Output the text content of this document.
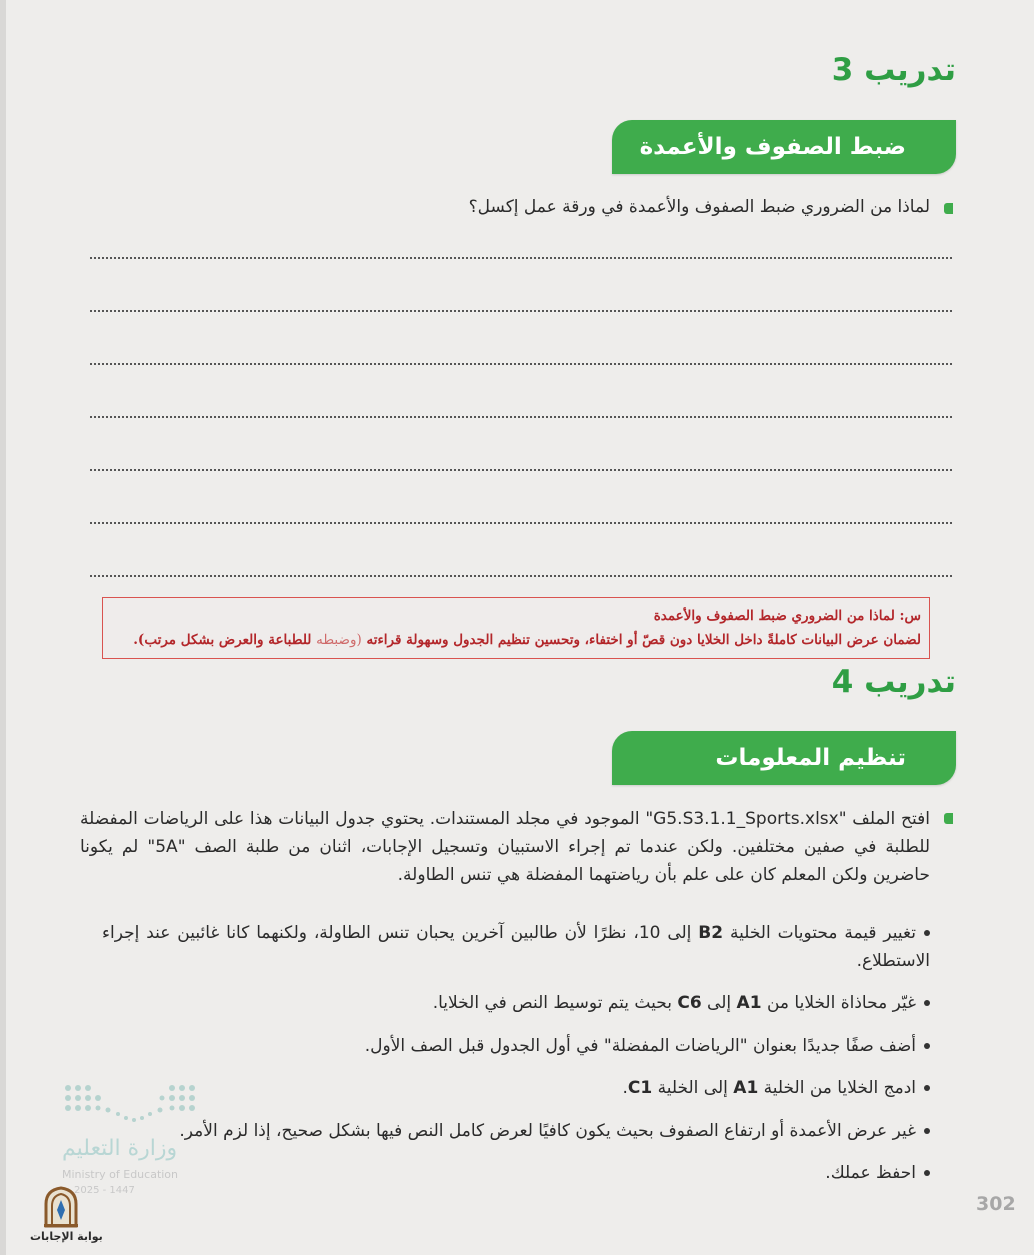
تدريب 3
ضبط الصفوف والأعمدة
لماذا من الضروري ضبط الصفوف والأعمدة في ورقة عمل إكسل؟
س: لماذا من الضروري ضبط الصفوف والأعمدة
لضمان عرض البيانات كاملةً داخل الخلايا دون قصّ أو اختفاء، وتحسين تنظيم الجدول وسهولة قراءته (وضبطه للطباعة والعرض بشكل مرتب).
تدريب 4
تنظيم المعلومات
افتح الملف "G5.S3.1.1_Sports.xlsx" الموجود في مجلد المستندات. يحتوي جدول البيانات هذا على الرياضات المفضلة للطلبة في صفين مختلفين. ولكن عندما تم إجراء الاستبيان وتسجيل الإجابات، اثنان من طلبة الصف "5A" لم يكونا حاضرين ولكن المعلم كان على علم بأن رياضتهما المفضلة هي تنس الطاولة.
تغيير قيمة محتويات الخلية B2 إلى 10، نظرًا لأن طالبين آخرين يحبان تنس الطاولة، ولكنهما كانا غائبين عند إجراء الاستطلاع.
غيّر محاذاة الخلايا من A1 إلى C6 بحيث يتم توسيط النص في الخلايا.
أضف صفًا جديدًا بعنوان "الرياضات المفضلة" في أول الجدول قبل الصف الأول.
ادمج الخلايا من الخلية A1 إلى الخلية C1.
غير عرض الأعمدة أو ارتفاع الصفوف بحيث يكون كافيًا لعرض كامل النص فيها بشكل صحيح، إذا لزم الأمر.
احفظ عملك.
وزارة التعليم
Ministry of Education
2025 - 1447
بوابة الإجابات
302
